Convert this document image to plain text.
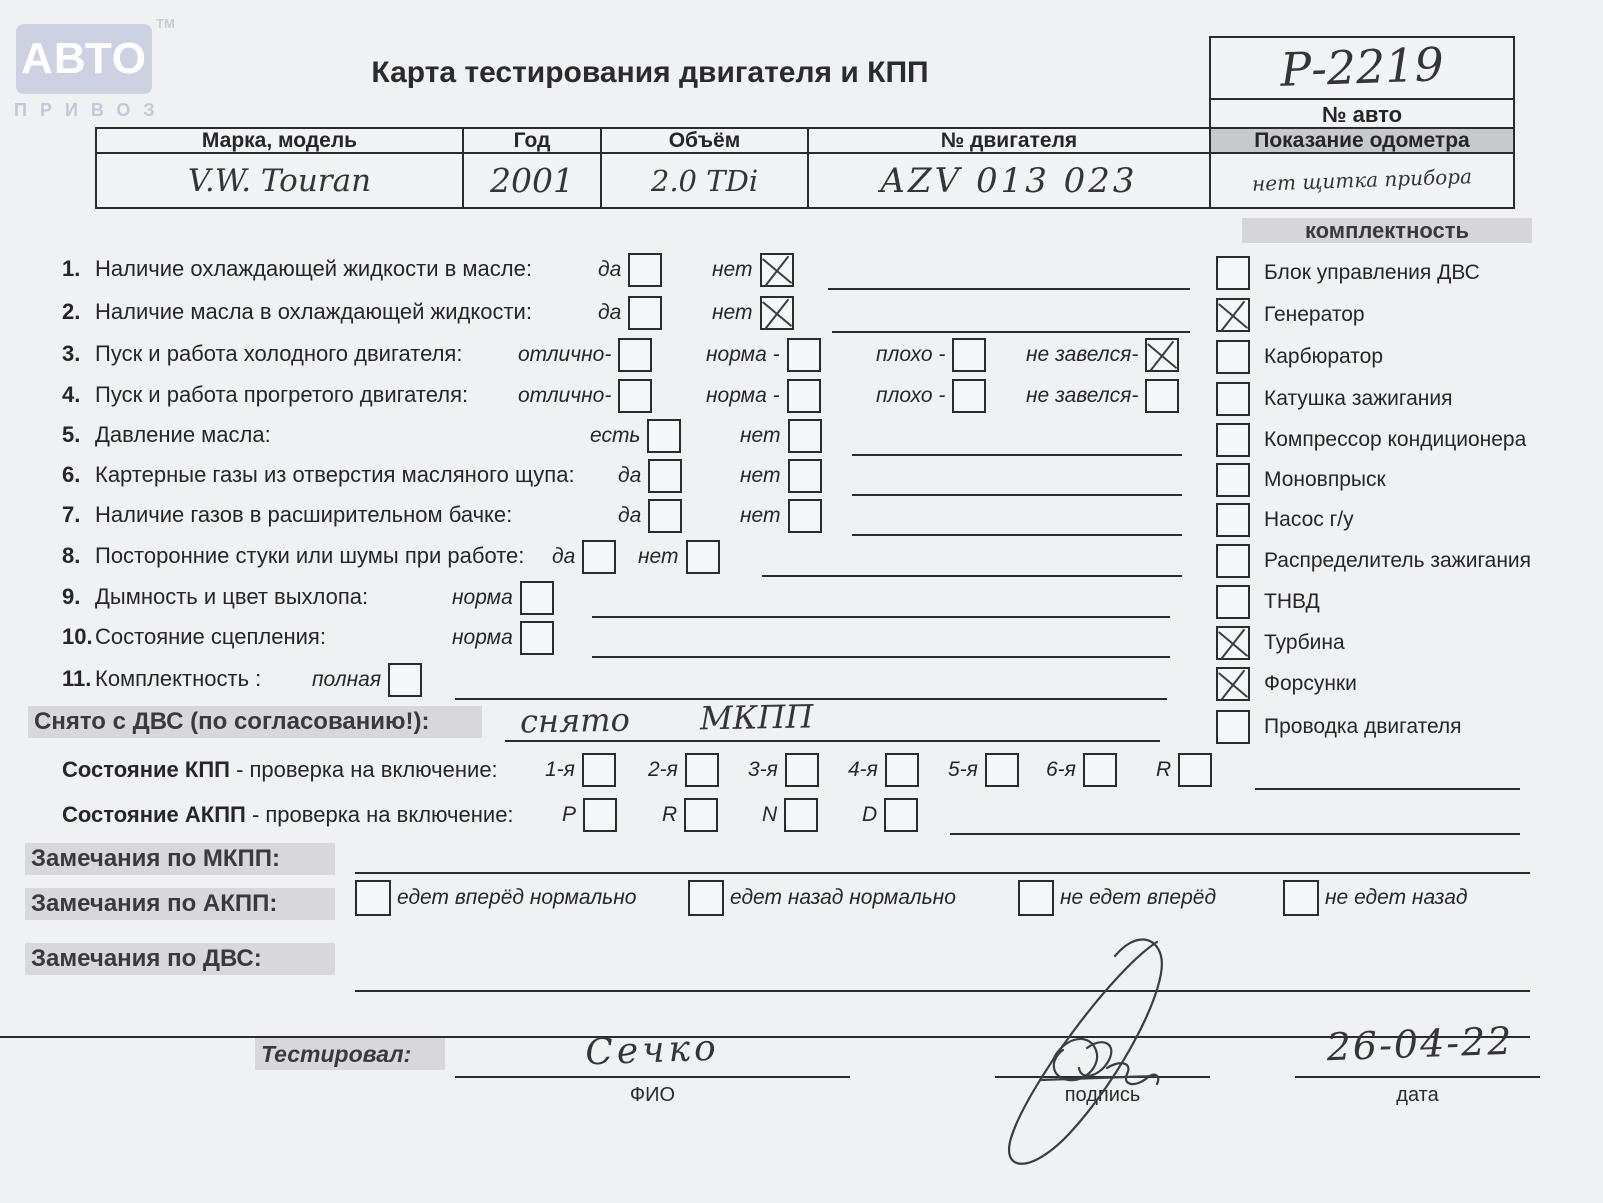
АВТО
TM
ПРИВОЗ
Карта тестирования двигателя и КПП	Р-2219
№ авто
Марка, модель	Год	Объём	№ двигателя	Показание одометра
V.W. Touran	2001	2.0 TDi	AZV 013 023	нет щитка прибора
комплектность
Блок управления ДВС
Генератор
Карбюратор
Катушка зажигания
Компрессор кондиционера
Моновпрыск
Насос г/у
Распределитель зажигания
ТНВД
Турбина
Форсунки
Проводка двигателя
1. Наличие охлаждающей жидкости в масле:	да	нет
2. Наличие масла в охлаждающей жидкости:	да	нет
3. Пуск и работа холодного двигателя:	отлично-	норма -	плохо -	не завелся-
4. Пуск и работа прогретого двигателя: отлично-	норма -	плохо -	не завелся-
5. Давление масла:	есть	нет
6. Картерные газы из отверстия масляного щупа: да	нет
7. Наличие газов в расширительном бачке:	да	нет
8. Посторонние стуки или шумы при работе: да	нет
9. Дымность и цвет выхлопа:	норма
10. Состояние сцепления:	норма
11. Комплектность : полная
Снято с ДВС (по согласованию!):	снято МКПП
Состояние КПП - проверка на включение: 1-я	2-я	3-я	4-я	5-я	6-я	R
Состояние АКПП - проверка на включение: P	R	N	D
Замечания по МКПП:
Замечания по АКПП:	едет вперёд нормально	едет назад нормально	не едет вперёд	не едет назад
Замечания по ДВС:
Тестировал:	Сечко
ФИО	подпись
26-04-22
дата
